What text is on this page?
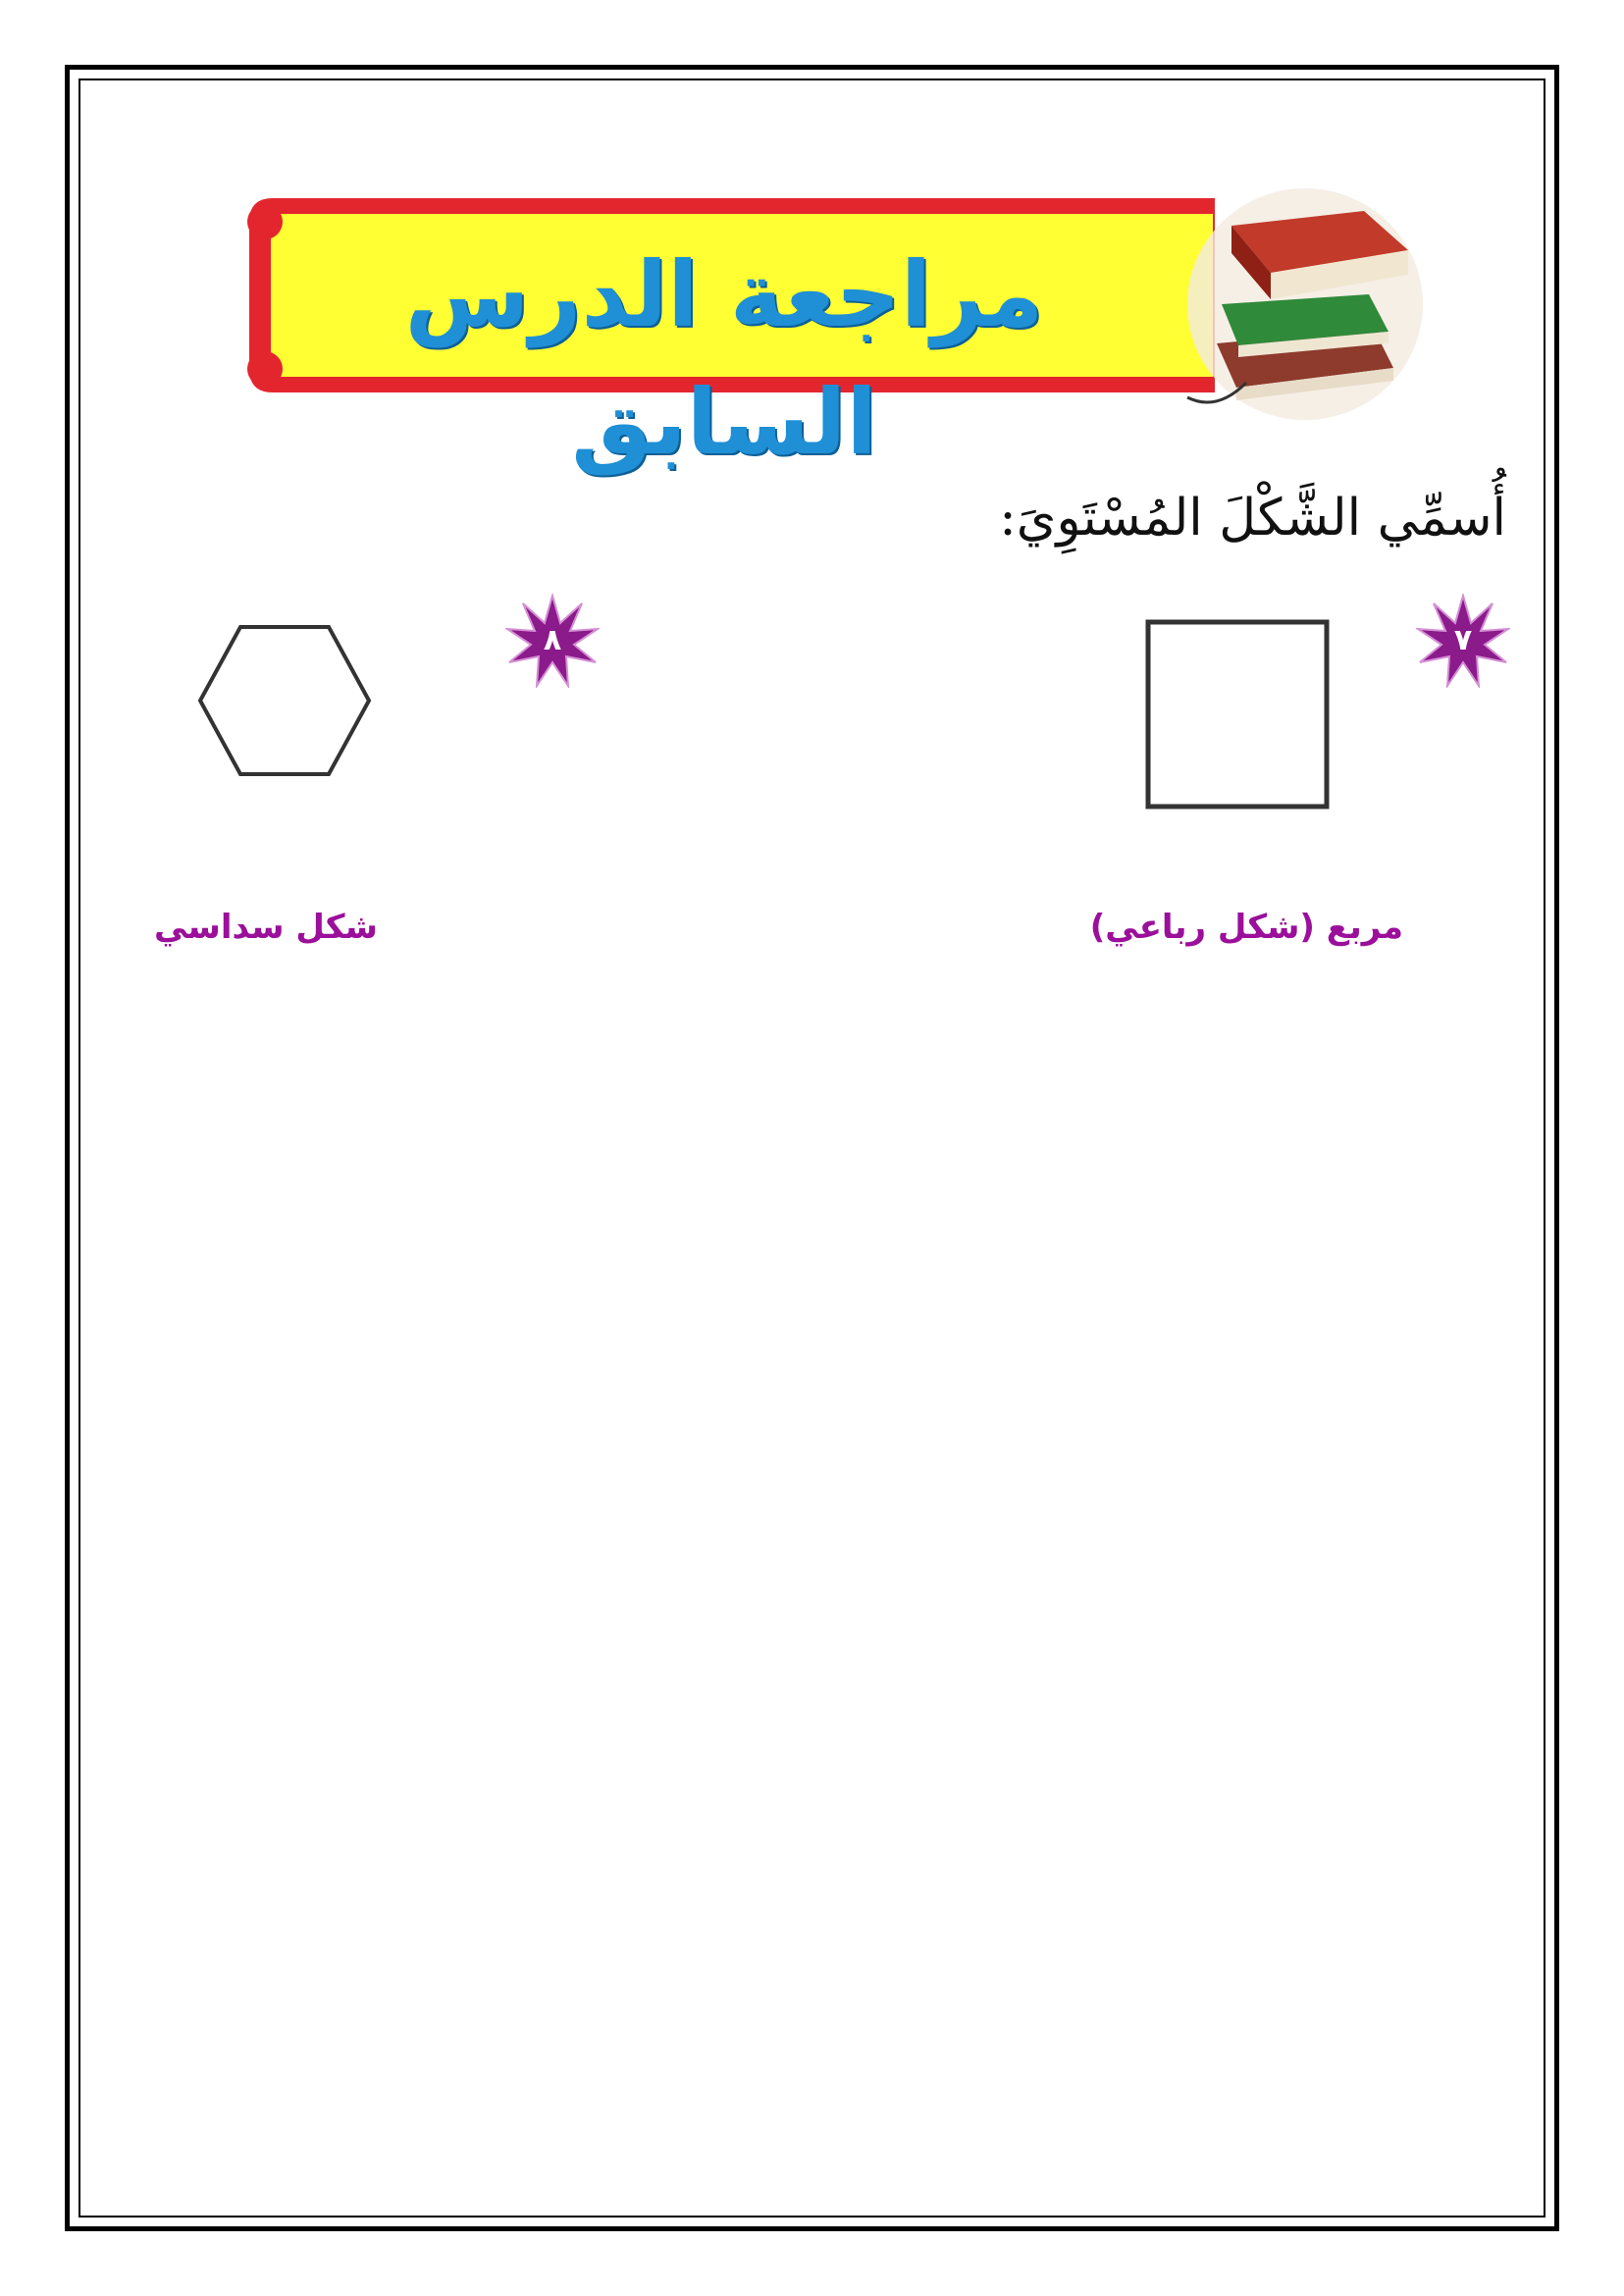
مراجعة الدرس السابق
أُسمِّي الشَّكْلَ المُسْتَوِيَ:
٧
٨
مربع (شكل رباعي)
شكل سداسي
